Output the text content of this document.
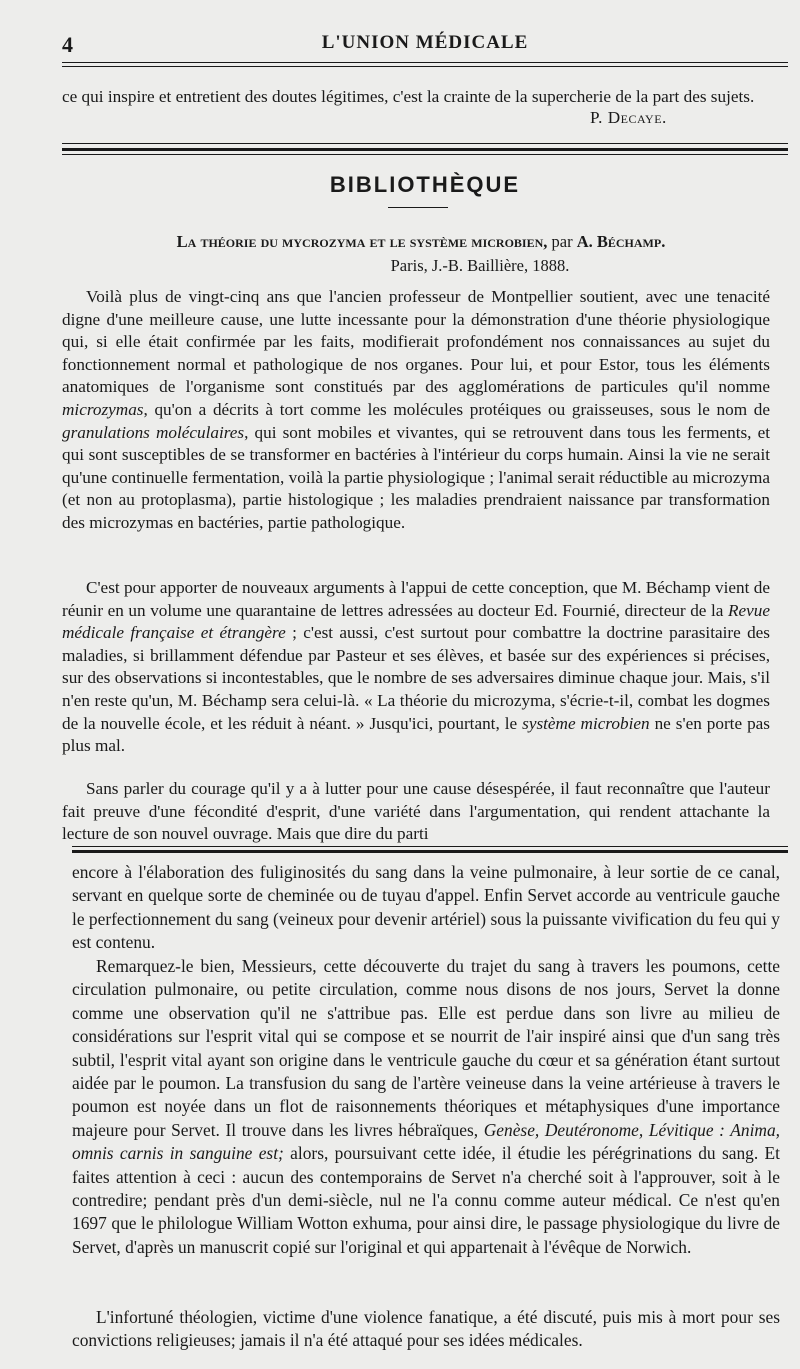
4	L'UNION MÉDICALE

ce qui inspire et entretient des doutes légitimes, c'est la crainte de la supercherie de la part des sujets.

P. Decaye.
BIBLIOTHÈQUE
La théorie du mycrozyma et le système microbien, par A. Béchamp.
Paris, J.-B. Baillière, 1888.

Voilà plus de vingt-cinq ans que l'ancien professeur de Montpellier soutient, avec une tenacité digne d'une meilleure cause, une lutte incessante pour la démonstration d'une théorie physiologique qui, si elle était confirmée par les faits, modifierait profondément nos connaissances au sujet du fonctionnement normal et pathologique de nos organes. Pour lui, et pour Estor, tous les éléments anatomiques de l'organisme sont constitués par des agglomérations de particules qu'il nomme microzymas, qu'on a décrits à tort comme les molécules protéiques ou graisseuses, sous le nom de granulations moléculaires, qui sont mobiles et vivantes, qui se retrouvent dans tous les ferments, et qui sont susceptibles de se transformer en bactéries à l'intérieur du corps humain. Ainsi la vie ne serait qu'une continuelle fermentation, voilà la partie physiologique ; l'animal serait réductible au microzyma (et non au protoplasma), partie histologique ; les maladies prendraient naissance par transformation des microzymas en bactéries, partie pathologique.

C'est pour apporter de nouveaux arguments à l'appui de cette conception, que M. Béchamp vient de réunir en un volume une quarantaine de lettres adressées au docteur Ed. Fournié, directeur de la Revue médicale française et étrangère ; c'est aussi, c'est surtout pour combattre la doctrine parasitaire des maladies, si brillamment défendue par Pasteur et ses élèves, et basée sur des expériences si précises, sur des observations si incontestables, que le nombre de ses adversaires diminue chaque jour. Mais, s'il n'en reste qu'un, M. Béchamp sera celui-là. « La théorie du microzyma, s'écrie-t-il, combat les dogmes de la nouvelle école, et les réduit à néant. » Jusqu'ici, pourtant, le système microbien ne s'en porte pas plus mal.

Sans parler du courage qu'il y a à lutter pour une cause désespérée, il faut reconnaître que l'auteur fait preuve d'une fécondité d'esprit, d'une variété dans l'argumentation, qui rendent attachante la lecture de son nouvel ouvrage. Mais que dire du parti

encore à l'élaboration des fuliginosités du sang dans la veine pulmonaire, à leur sortie de ce canal, servant en quelque sorte de cheminée ou de tuyau d'appel. Enfin Servet accorde au ventricule gauche le perfectionnement du sang (veineux pour devenir artériel) sous la puissante vivification du feu qui y est contenu.

Remarquez-le bien, Messieurs, cette découverte du trajet du sang à travers les poumons, cette circulation pulmonaire, ou petite circulation, comme nous disons de nos jours, Servet la donne comme une observation qu'il ne s'attribue pas. Elle est perdue dans son livre au milieu de considérations sur l'esprit vital qui se compose et se nourrit de l'air inspiré ainsi que d'un sang très subtil, l'esprit vital ayant son origine dans le ventricule gauche du cœur et sa génération étant surtout aidée par le poumon. La transfusion du sang de l'artère veineuse dans la veine artérieuse à travers le poumon est noyée dans un flot de raisonnements théoriques et métaphysiques d'une importance majeure pour Servet. Il trouve dans les livres hébraïques, Genèse, Deutéronome, Lévitique : Anima, omnis carnis in sanguine est; alors, poursuivant cette idée, il étudie les pérégrinations du sang. Et faites attention à ceci : aucun des contemporains de Servet n'a cherché soit à l'approuver, soit à le contredire; pendant près d'un demi-siècle, nul ne l'a connu comme auteur médical. Ce n'est qu'en 1697 que le philologue William Wotton exhuma, pour ainsi dire, le passage physiologique du livre de Servet, d'après un manuscrit copié sur l'original et qui appartenait à l'évêque de Norwich.

L'infortuné théologien, victime d'une violence fanatique, a été discuté, puis mis à mort pour ses convictions religieuses; jamais il n'a été attaqué pour ses idées médicales.
